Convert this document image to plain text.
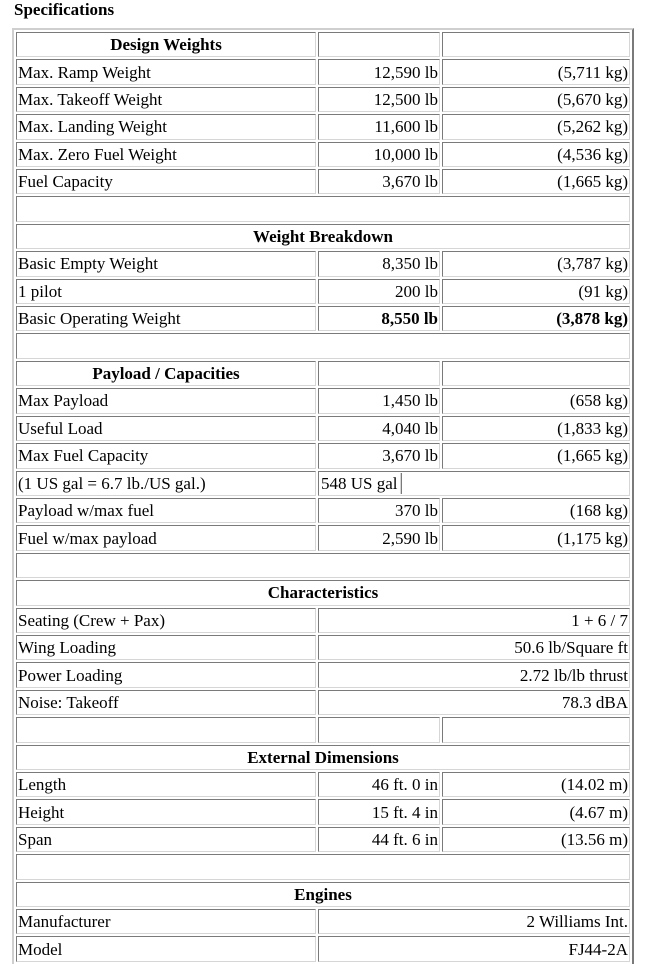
Specifications
Design Weights		
Max. Ramp Weight	12,590 lb	(5,711 kg)
Max. Takeoff Weight	12,500 lb	(5,670 kg)
Max. Landing Weight	11,600 lb	(5,262 kg)
Max. Zero Fuel Weight	10,000 lb	(4,536 kg)
Fuel Capacity	3,670 lb	(1,665 kg)

Weight Breakdown		
Basic Empty Weight	8,350 lb	(3,787 kg)
1 pilot	200 lb	(91 kg)
Basic Operating Weight	8,550 lb	(3,878 kg)

Payload / Capacities		
Max Payload	1,450 lb	(658 kg)
Useful Load	4,040 lb	(1,833 kg)
Max Fuel Capacity	3,670 lb	(1,665 kg)
(1 US gal = 6.7 lb./US gal.)	548 US gal	

Payload w/max fuel	370 lb	(168 kg)
Fuel w/max payload	2,590 lb	(1,175 kg)

Characteristics		
Seating (Crew + Pax)	1 + 6 / 7	
Wing Loading	50.6 lb/Square ft	
Power Loading	2.72 lb/lb thrust	
Noise: Takeoff	78.3 dBA	

External Dimensions		
Length	46 ft. 0 in	(14.02 m)
Height	15 ft. 4 in	(4.67 m)
Span	44 ft. 6 in	(13.56 m)

Engines		
Manufacturer	2 Williams Int.	
Model	FJ44-2A	
